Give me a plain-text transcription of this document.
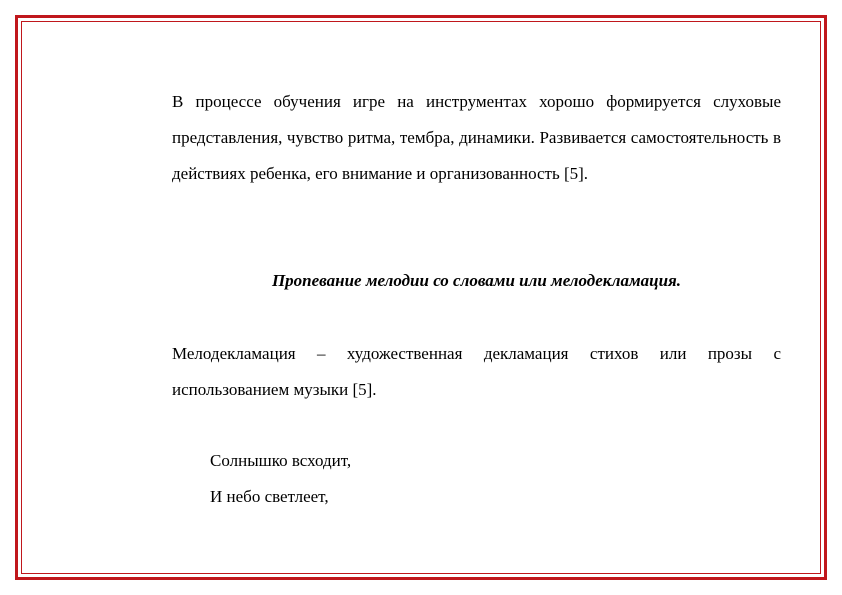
В процессе обучения игре на инструментах хорошо формируется слуховые представления, чувство ритма, тембра, динамики. Развивается самостоятельность в действиях ребенка, его внимание и организованность [5].

Пропевание мелодии со словами или мелодекламация.

Мелодекламация – художественная декламация стихов или прозы с использованием музыки [5].

Солнышко всходит,

И небо светлеет,
